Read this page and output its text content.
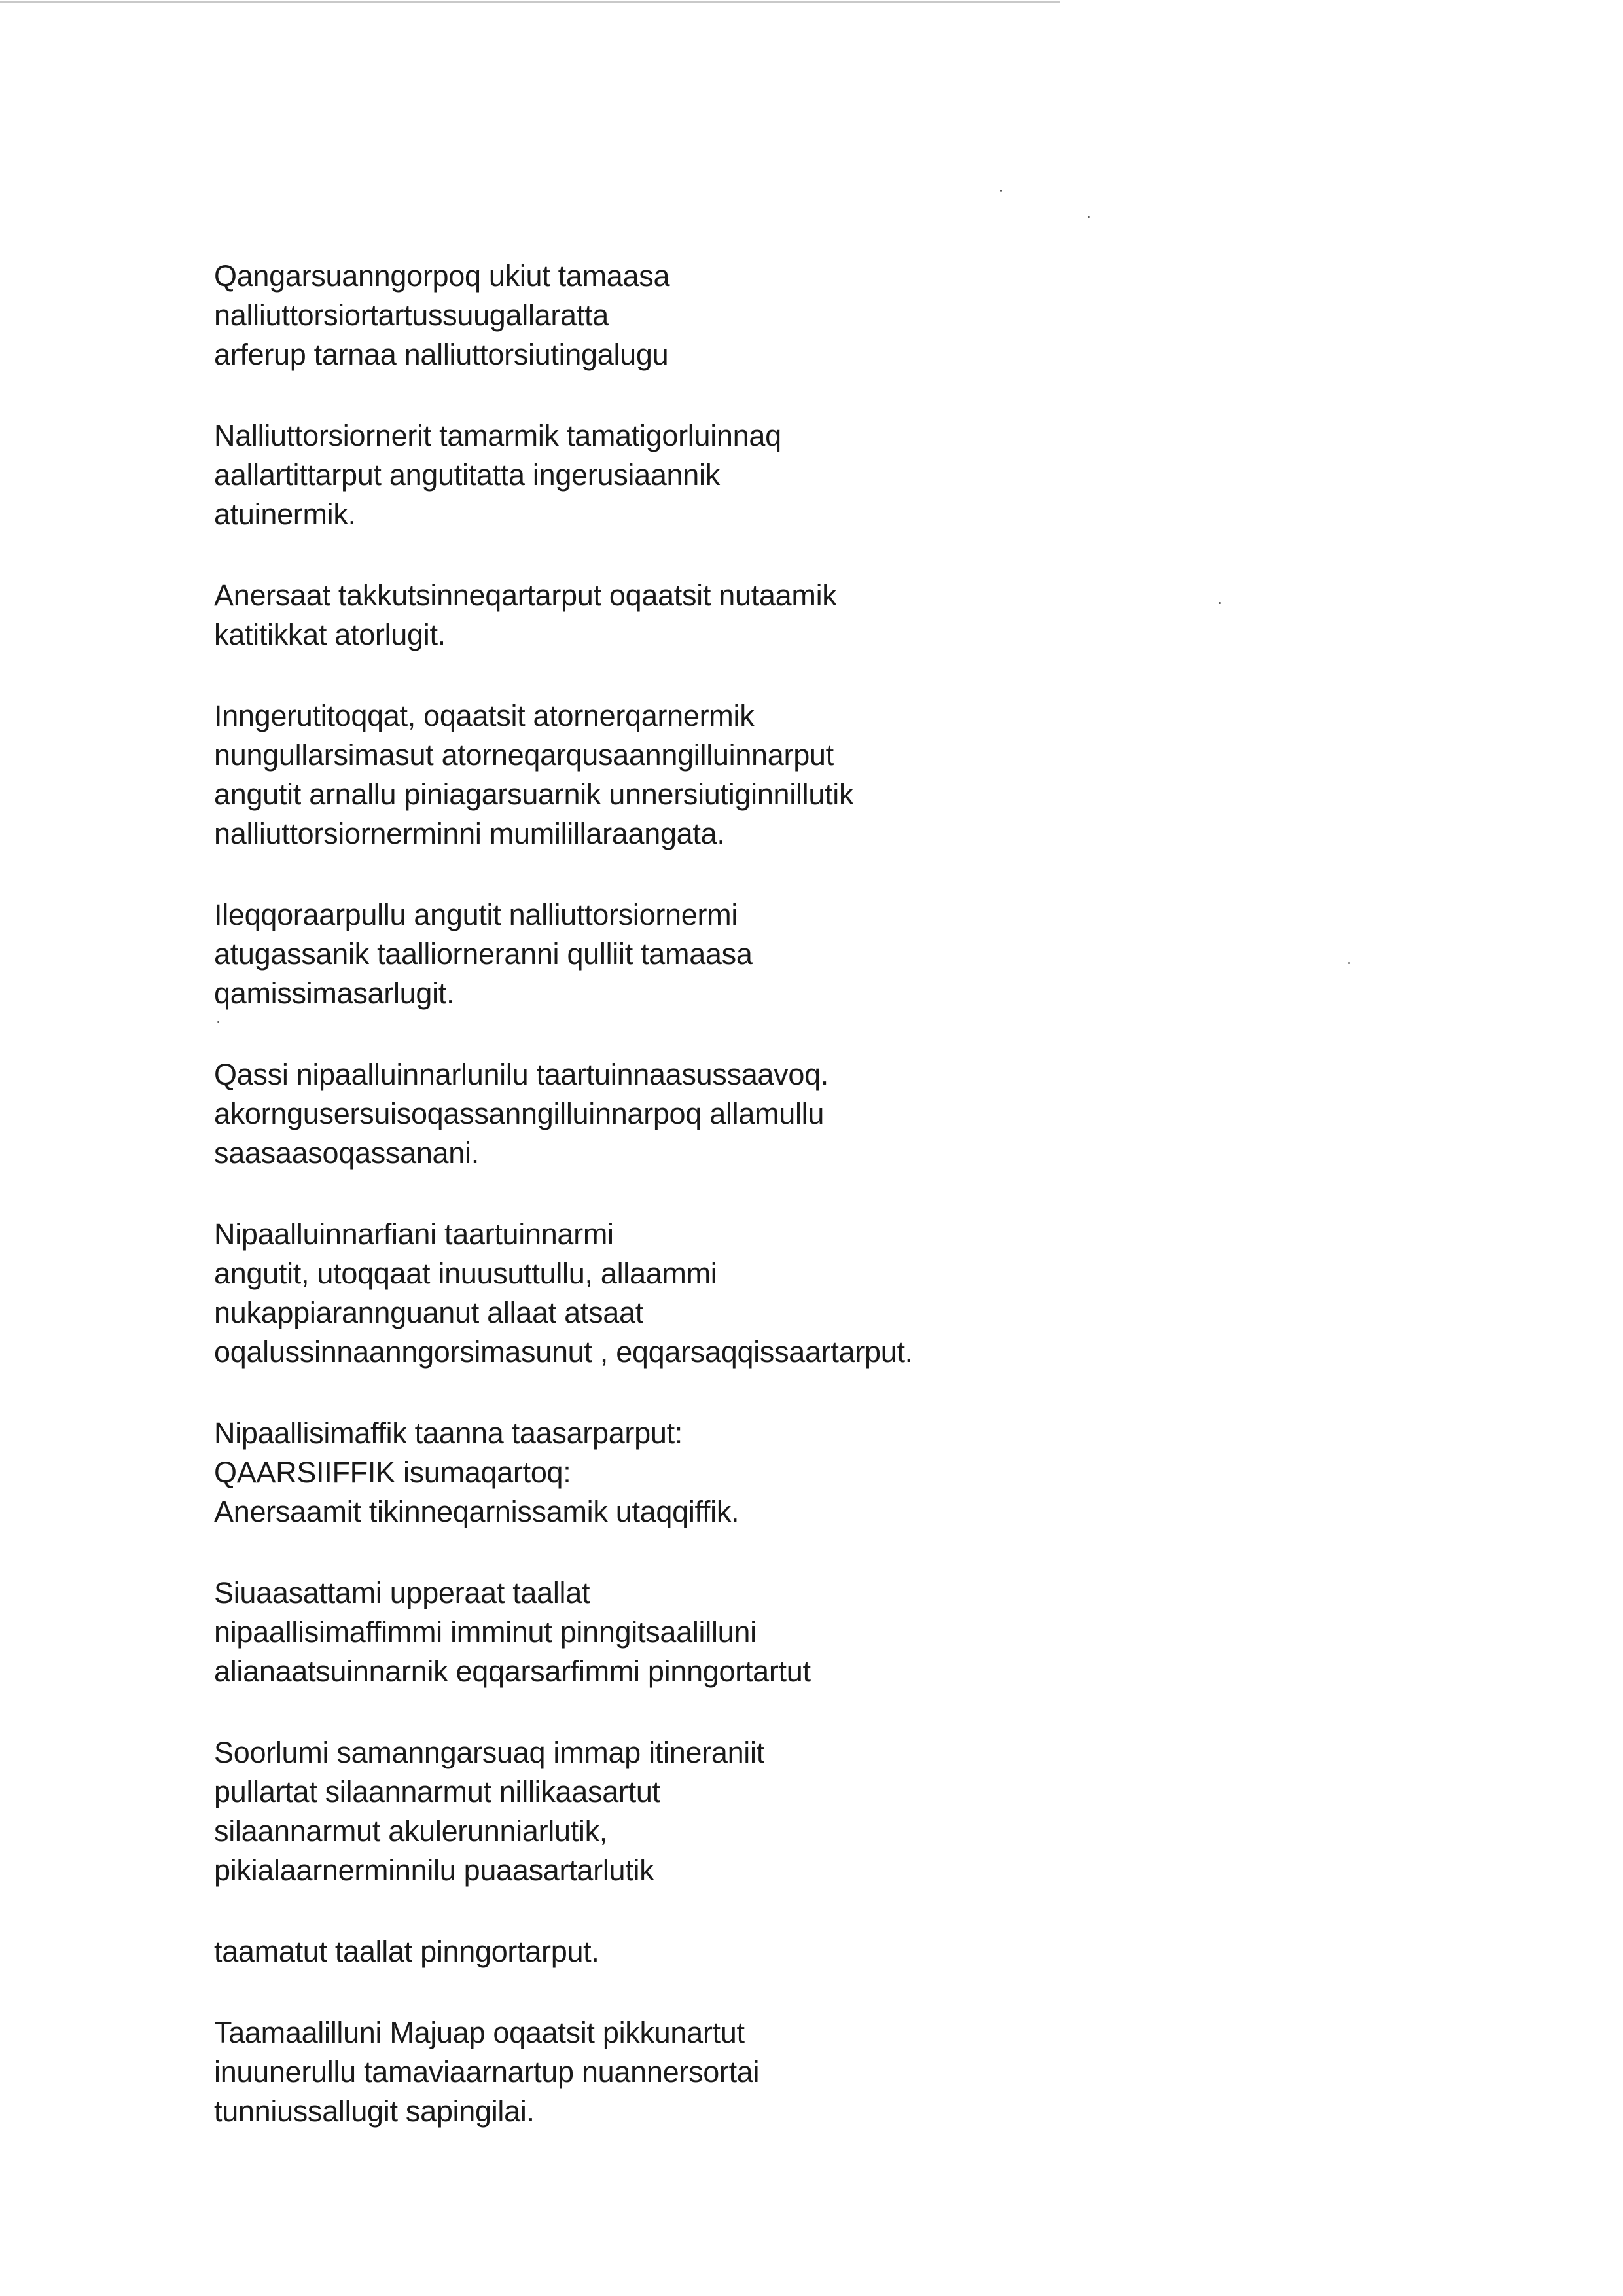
Qangarsuanngorpoq ukiut tamaasa
nalliuttorsiortartussuugallaratta
arferup tarnaa nalliuttorsiutingalugu
Nalliuttorsiornerit tamarmik tamatigorluinnaq
aallartittarput angutitatta ingerusiaannik
atuinermik.
Anersaat takkutsinneqartarput oqaatsit nutaamik
katitikkat atorlugit.
Inngerutitoqqat, oqaatsit atornerqarnermik
nungullarsimasut atorneqarqusaanngilluinnarput
angutit arnallu piniagarsuarnik unnersiutiginnillutik
nalliuttorsiornerminni mumilillaraangata.
Ileqqoraarpullu angutit nalliuttorsiornermi
atugassanik taalliorneranni qulliit tamaasa
qamissimasarlugit.
Qassi nipaalluinnarlunilu taartuinnaasussaavoq.
akorngusersuisoqassanngilluinnarpoq allamullu
saasaasoqassanani.
Nipaalluinnarfiani taartuinnarmi
angutit, utoqqaat inuusuttullu, allaammi
nukappiarannguanut allaat atsaat
oqalussinnaanngorsimasunut , eqqarsaqqissaartarput.
Nipaallisimaffik taanna taasarparput:
QAARSIIFFIK isumaqartoq:
Anersaamit tikinneqarnissamik utaqqiffik.
Siuaasattami upperaat taallat
nipaallisimaffimmi imminut pinngitsaalilluni
alianaatsuinnarnik eqqarsarfimmi pinngortartut
Soorlumi samanngarsuaq immap itineraniit
pullartat silaannarmut nillikaasartut
silaannarmut akulerunniarlutik,
pikialaarnerminnilu puaasartarlutik
taamatut taallat pinngortarput.
Taamaalilluni Majuap oqaatsit pikkunartut
inuunerullu tamaviaarnartup nuannersortai
tunniussallugit sapingilai.
